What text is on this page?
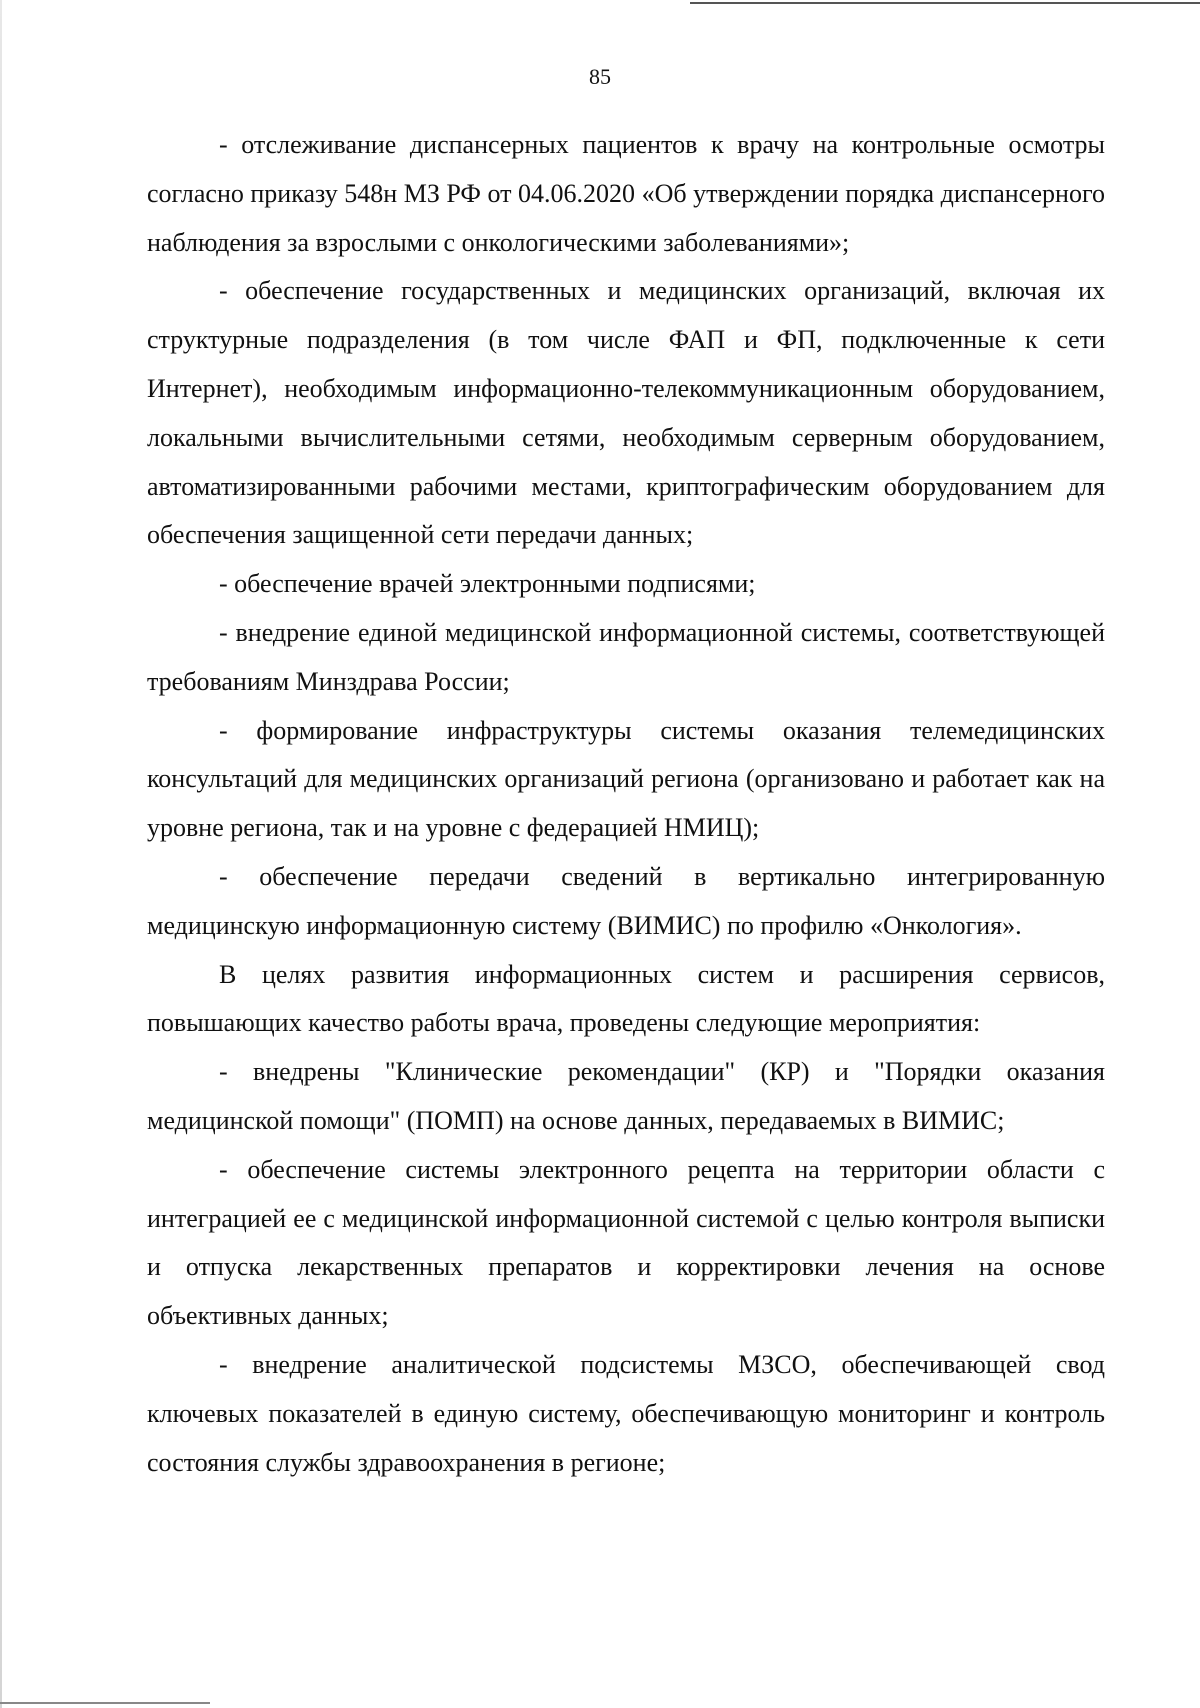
85

- отслеживание диспансерных пациентов к врачу на контрольные осмотры согласно приказу 548н МЗ РФ от 04.06.2020 «Об утверждении порядка диспансерного наблюдения за взрослыми с онкологическими заболеваниями»;

- обеспечение государственных и медицинских организаций, включая их структурные подразделения (в том числе ФАП и ФП, подключенные к сети Интернет), необходимым информационно-телекоммуникационным оборудованием, локальными вычислительными сетями, необходимым серверным оборудованием, автоматизированными рабочими местами, криптографическим оборудованием для обеспечения защищенной сети передачи данных;

- обеспечение врачей электронными подписями;

- внедрение единой медицинской информационной системы, соответствующей требованиям Минздрава России;

- формирование инфраструктуры системы оказания телемедицинских консультаций для медицинских организаций региона (организовано и работает как на уровне региона, так и на уровне с федерацией НМИЦ);

- обеспечение передачи сведений в вертикально интегрированную медицинскую информационную систему (ВИМИС) по профилю «Онкология».

В целях развития информационных систем и расширения сервисов, повышающих качество работы врача, проведены следующие мероприятия:

- внедрены "Клинические рекомендации" (КР) и "Порядки оказания медицинской помощи" (ПОМП) на основе данных, передаваемых в ВИМИС;

- обеспечение системы электронного рецепта на территории области с интеграцией ее с медицинской информационной системой с целью контроля выписки и отпуска лекарственных препаратов и корректировки лечения на основе объективных данных;

- внедрение аналитической подсистемы МЗСО, обеспечивающей свод ключевых показателей в единую систему, обеспечивающую мониторинг и контроль состояния службы здравоохранения в регионе;
